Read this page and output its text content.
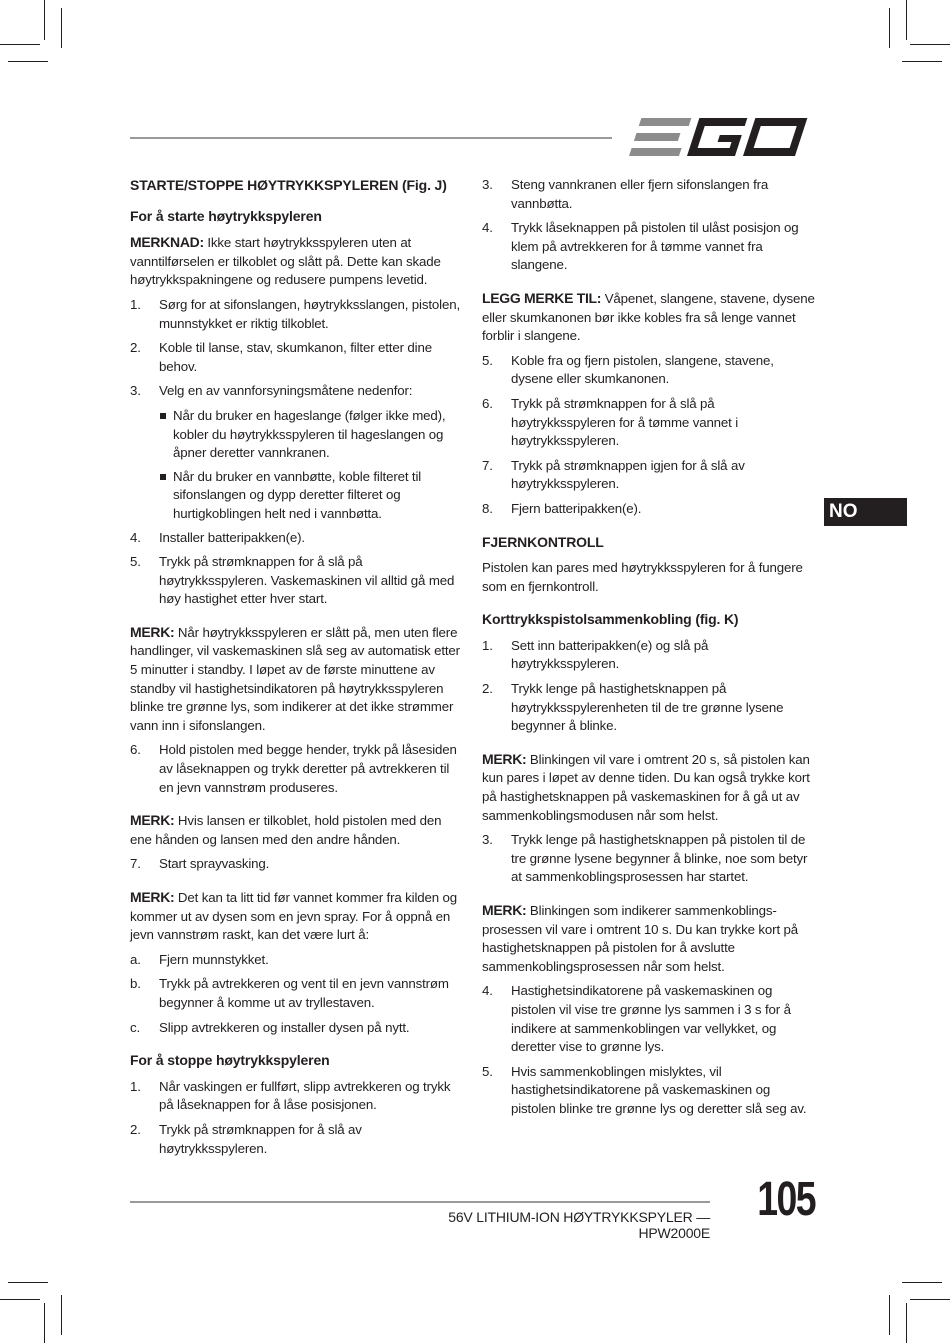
NO
STARTE/STOPPE HØYTRYKKSPYLEREN (Fig. J)
For å starte høytrykkspyleren
MERKNAD: Ikke start høytrykksspyleren uten at vanntilførselen er tilkoblet og slått på. Dette kan skade høytrykkspakningene og redusere pumpens levetid.
1.	Sørg for at sifonslangen, høytrykksslangen, pistolen, munnstykket er riktig tilkoblet.
2.	Koble til lanse, stav, skumkanon, filter etter dine behov.
3.	Velg en av vannforsyningsmåtene nedenfor:
Når du bruker en hageslange (følger ikke med), kobler du høytrykksspyleren til hageslangen og åpner deretter vannkranen.
Når du bruker en vannbøtte, koble filteret til sifonslangen og dypp deretter filteret og hurtigkoblingen helt ned i vannbøtta.
4.	Installer batteripakken(e).
5.	Trykk på strømknappen for å slå på høytrykksspyleren. Vaskemaskinen vil alltid gå med høy hastighet etter hver start.
MERK: Når høytrykksspyleren er slått på, men uten flere handlinger, vil vaskemaskinen slå seg av automatisk etter 5 minutter i standby. I løpet av de første minuttene av standby vil hastighetsindikatoren på høytrykksspyleren blinke tre grønne lys, som indikerer at det ikke strømmer vann inn i sifonslangen.
6.	Hold pistolen med begge hender, trykk på låsesiden av låseknappen og trykk deretter på avtrekkeren til en jevn vannstrøm produseres.
MERK: Hvis lansen er tilkoblet, hold pistolen med den ene hånden og lansen med den andre hånden.
7.	Start sprayvasking.
MERK: Det kan ta litt tid før vannet kommer fra kilden og kommer ut av dysen som en jevn spray. For å oppnå en jevn vannstrøm raskt, kan det være lurt å:
a.	Fjern munnstykket.
b.	Trykk på avtrekkeren og vent til en jevn vannstrøm begynner å komme ut av tryllestaven.
c.	Slipp avtrekkeren og installer dysen på nytt.
For å stoppe høytrykkspyleren
1.	Når vaskingen er fullført, slipp avtrekkeren og trykk på låseknappen for å låse posisjonen.
2.	Trykk på strømknappen for å slå av høytrykksspyleren.
3.	Steng vannkranen eller fjern sifonslangen fra vannbøtta.
4.	Trykk låseknappen på pistolen til ulåst posisjon og klem på avtrekkeren for å tømme vannet fra slangene.
LEGG MERKE TIL: Våpenet, slangene, stavene, dysene eller skumkanonen bør ikke kobles fra så lenge vannet forblir i slangene.
5.	Koble fra og fjern pistolen, slangene, stavene, dysene eller skumkanonen.
6.	Trykk på strømknappen for å slå på høytrykksspyleren for å tømme vannet i høytrykksspyleren.
7.	Trykk på strømknappen igjen for å slå av høytrykksspyleren.
8.	Fjern batteripakken(e).
FJERNKONTROLL
Pistolen kan pares med høytrykksspyleren for å fungere som en fjernkontroll.
Korttrykkspistolsammenkobling (fig. K)
1.	Sett inn batteripakken(e) og slå på høytrykksspyleren.
2.	Trykk lenge på hastighetsknappen på høytrykksspylerenheten til de tre grønne lysene begynner å blinke.
MERK: Blinkingen vil vare i omtrent 20 s, så pistolen kan kun pares i løpet av denne tiden. Du kan også trykke kort på hastighetsknappen på vaskemaskinen for å gå ut av sammenkoblingsmodusen når som helst.
3.	Trykk lenge på hastighetsknappen på pistolen til de tre grønne lysene begynner å blinke, noe som betyr at sammenkoblingsprosessen har startet.
MERK: Blinkingen som indikerer sammenkoblings-prosessen vil vare i omtrent 10 s. Du kan trykke kort på hastighetsknappen på pistolen for å avslutte sammenkoblingsprosessen når som helst.
4.	Hastighetsindikatorene på vaskemaskinen og pistolen vil vise tre grønne lys sammen i 3 s for å indikere at sammenkoblingen var vellykket, og deretter vise to grønne lys.
5.	Hvis sammenkoblingen mislyktes, vil hastighetsindikatorene på vaskemaskinen og pistolen blinke tre grønne lys og deretter slå seg av.
56V LITHIUM-ION HØYTRYKKSPYLER — HPW2000E
105
